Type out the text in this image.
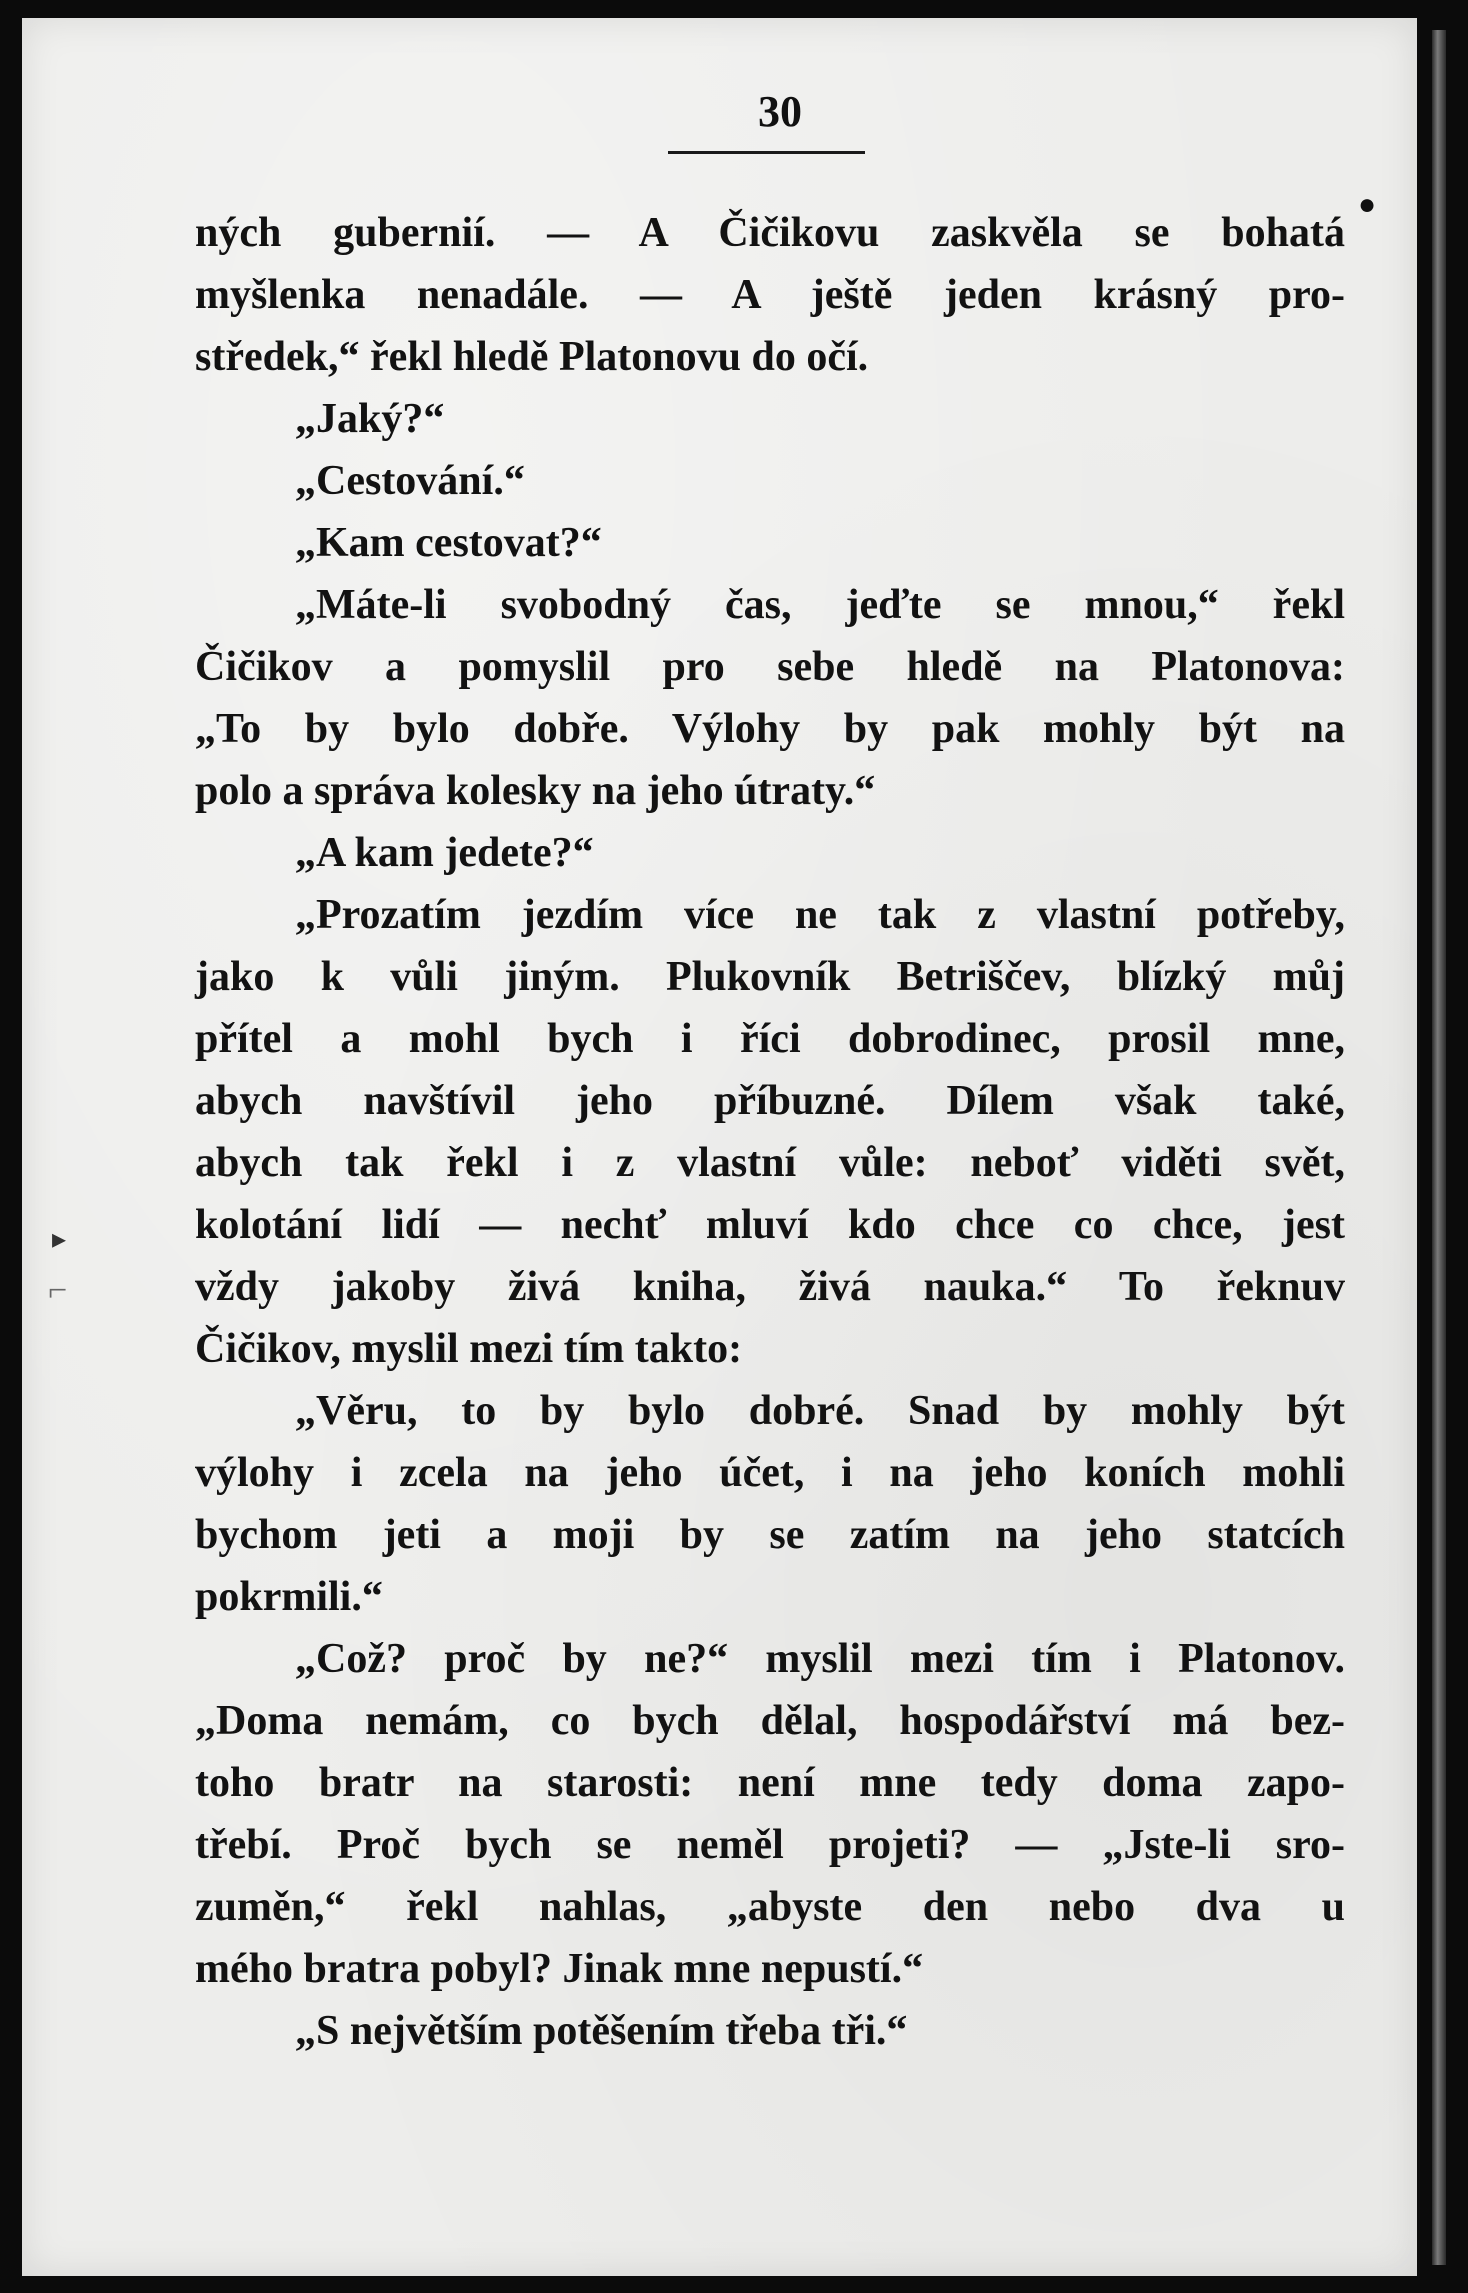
30
ných gubernií. — A Čičikovu zaskvěla se bohatá
myšlenka nenadále. — A ještě jeden krásný pro-
středek,“ řekl hledě Platonovu do očí.
„Jaký?“
„Cestování.“
„Kam cestovat?“
„Máte-li svobodný čas, jeďte se mnou,“ řekl
Čičikov a pomyslil pro sebe hledě na Platonova:
„To by bylo dobře. Výlohy by pak mohly být na
polo a správa kolesky na jeho útraty.“
„A kam jedete?“
„Prozatím jezdím více ne tak z vlastní potřeby,
jako k vůli jiným. Plukovník Betriščev, blízký můj
přítel a mohl bych i říci dobrodinec, prosil mne,
abych navštívil jeho příbuzné. Dílem však také,
abych tak řekl i z vlastní vůle: neboť viděti svět,
kolotání lidí — nechť mluví kdo chce co chce, jest
vždy jakoby živá kniha, živá nauka.“ To řeknuv
Čičikov, myslil mezi tím takto:
„Věru, to by bylo dobré. Snad by mohly být
výlohy i zcela na jeho účet, i na jeho koních mohli
bychom jeti a moji by se zatím na jeho statcích
pokrmili.“
„Což? proč by ne?“ myslil mezi tím i Platonov.
„Doma nemám, co bych dělal, hospodářství má bez-
toho bratr na starosti: není mne tedy doma zapo-
třebí. Proč bych se neměl projeti? — „Jste-li sro-
zuměn,“ řekl nahlas, „abyste den nebo dva u
mého bratra pobyl? Jinak mne nepustí.“
„S největším potěšením třeba tři.“
●
▸
⌐
